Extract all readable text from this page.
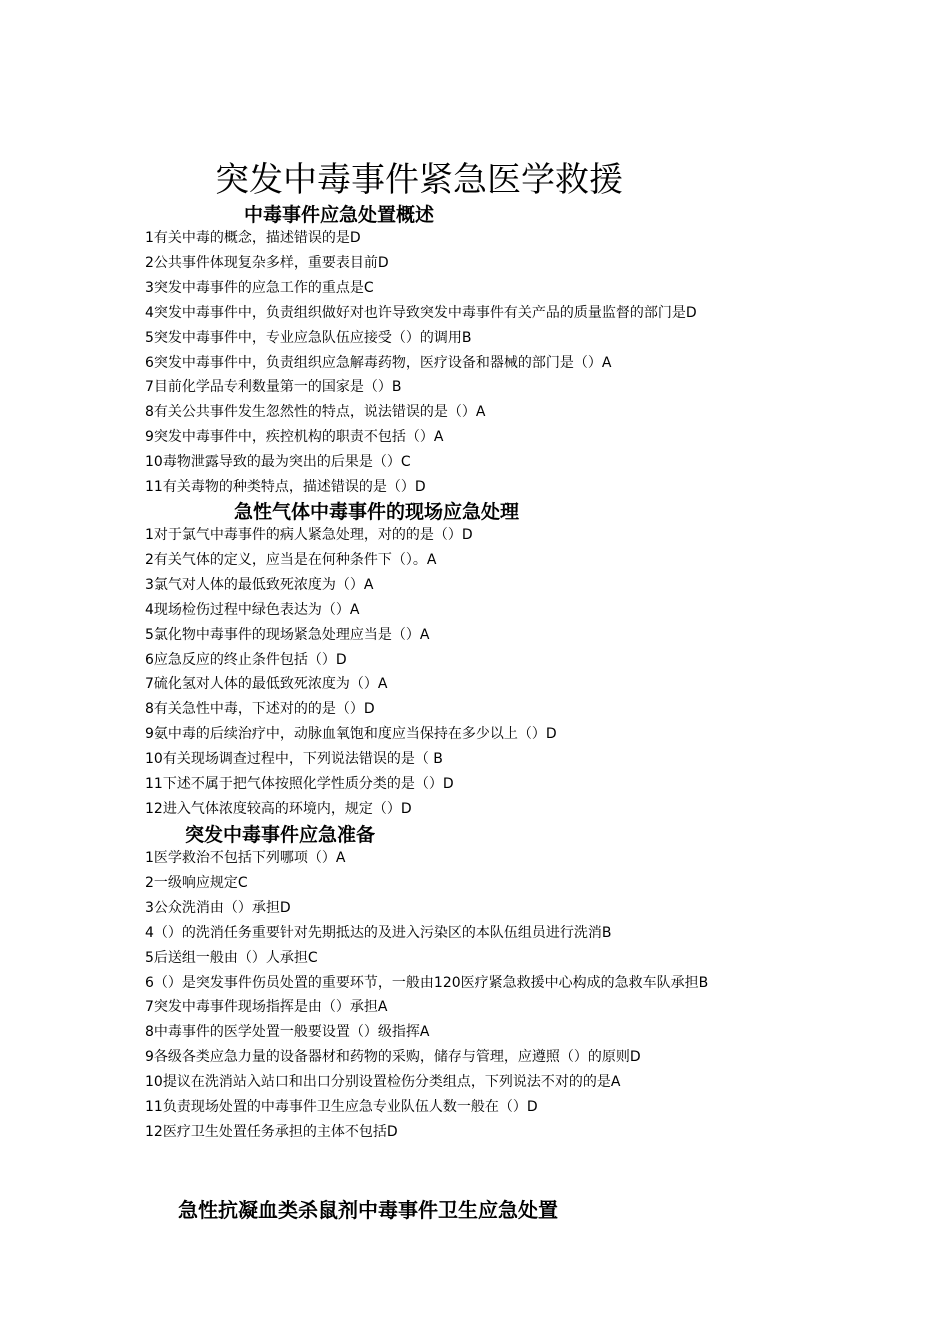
突发中毒事件紧急医学救援
中毒事件应急处置概述
1有关中毒的概念，描述错误的是D
2公共事件体现复杂多样，重要表目前D
3突发中毒事件的应急工作的重点是C
4突发中毒事件中，负责组织做好对也许导致突发中毒事件有关产品的质量监督的部门是D
5突发中毒事件中，专业应急队伍应接受（）的调用B
6突发中毒事件中，负责组织应急解毒药物，医疗设备和器械的部门是（）A
7目前化学品专利数量第一的国家是（）B
8有关公共事件发生忽然性的特点，说法错误的是（）A
9突发中毒事件中，疾控机构的职责不包括（）A
10毒物泄露导致的最为突出的后果是（）C
11有关毒物的种类特点，描述错误的是（）D
急性气体中毒事件的现场应急处理
1对于氯气中毒事件的病人紧急处理，对的的是（）D
2有关气体的定义，应当是在何种条件下（）。A
3氯气对人体的最低致死浓度为（）A
4现场检伤过程中绿色表达为（）A
5氯化物中毒事件的现场紧急处理应当是（）A
6应急反应的终止条件包括（）D
7硫化氢对人体的最低致死浓度为（）A
8有关急性中毒，下述对的的是（）D
9氨中毒的后续治疗中，动脉血氧饱和度应当保持在多少以上（）D
10有关现场调查过程中，下列说法错误的是（ B
11下述不属于把气体按照化学性质分类的是（）D
12进入气体浓度较高的环境内，规定（）D
突发中毒事件应急准备
1医学救治不包括下列哪项（）A
2一级响应规定C
3公众洗消由（）承担D
4（）的洗消任务重要针对先期抵达的及进入污染区的本队伍组员进行洗消B
5后送组一般由（）人承担C
6（）是突发事件伤员处置的重要环节，一般由120医疗紧急救援中心构成的急救车队承担B
7突发中毒事件现场指挥是由（）承担A
8中毒事件的医学处置一般要设置（）级指挥A
9各级各类应急力量的设备器材和药物的采购，储存与管理，应遵照（）的原则D
10提议在洗消站入站口和出口分别设置检伤分类组点，下列说法不对的的是A
11负责现场处置的中毒事件卫生应急专业队伍人数一般在（）D
12医疗卫生处置任务承担的主体不包括D
急性抗凝血类杀鼠剂中毒事件卫生应急处置
